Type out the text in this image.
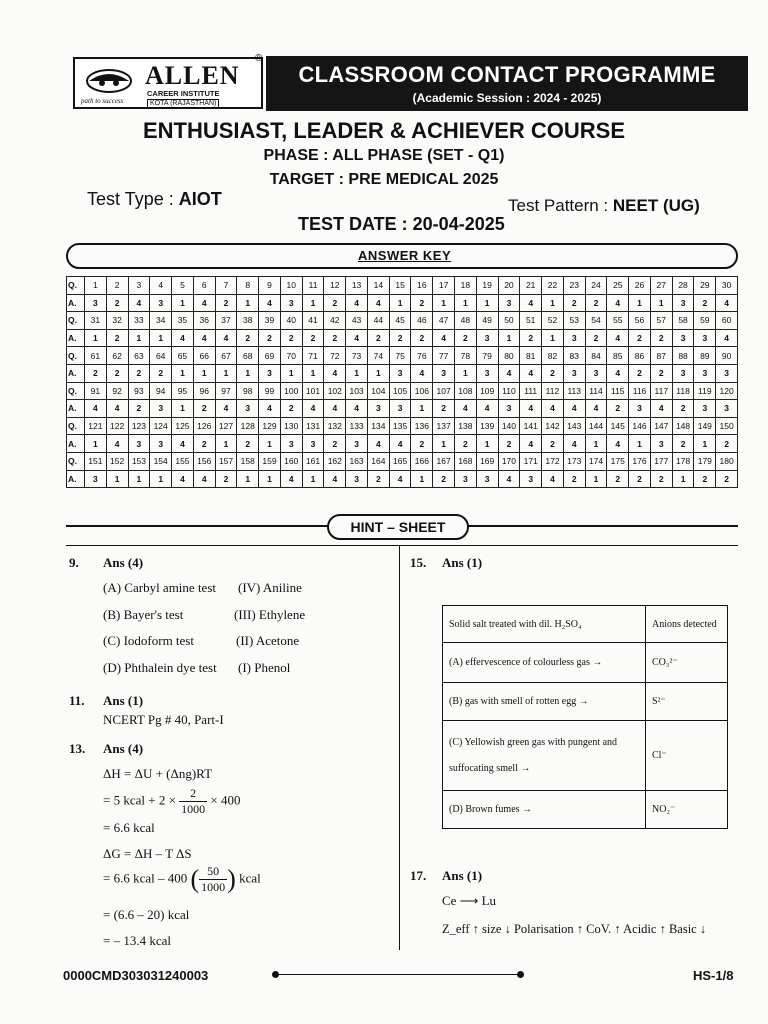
ALLEN
®
CAREER INSTITUTE
KOTA (RAJASTHAN)
path to success
CLASSROOM CONTACT PROGRAMME
(Academic Session : 2024 - 2025)
ENTHUSIAST, LEADER & ACHIEVER COURSE
PHASE : ALL PHASE (SET - Q1)
TARGET : PRE MEDICAL 2025
Test Type : AIOT	Test Pattern : NEET (UG)
TEST DATE : 20-04-2025
ANSWER KEY
Q.	1	2	3	4	5	6	7	8	9	10	11	12	13	14	15	16	17	18	19	20	21	22	23	24	25	26	27	28	29	30
A.	3	2	4	3	1	4	2	1	4	3	1	2	4	4	1	2	1	1	1	3	4	1	2	2	4	1	1	3	2	4
Q.	31	32	33	34	35	36	37	38	39	40	41	42	43	44	45	46	47	48	49	50	51	52	53	54	55	56	57	58	59	60
A.	1	2	1	1	4	4	4	2	2	2	2	2	4	2	2	2	4	2	3	1	2	1	3	2	4	2	2	3	3	4
Q.	61	62	63	64	65	66	67	68	69	70	71	72	73	74	75	76	77	78	79	80	81	82	83	84	85	86	87	88	89	90
A.	2	2	2	2	1	1	1	1	3	1	1	4	1	1	3	4	3	1	3	4	4	2	3	3	4	2	2	3	3	3
Q.	91	92	93	94	95	96	97	98	99	100	101	102	103	104	105	106	107	108	109	110	111	112	113	114	115	116	117	118	119	120
A.	4	4	2	3	1	2	4	3	4	2	4	4	4	3	3	1	2	4	4	3	4	4	4	4	2	3	4	2	3	3
Q.	121	122	123	124	125	126	127	128	129	130	131	132	133	134	135	136	137	138	139	140	141	142	143	144	145	146	147	148	149	150
A.	1	4	3	3	4	2	1	2	1	3	3	2	3	4	4	2	1	2	1	2	4	2	4	1	4	1	3	2	1	2
Q.	151	152	153	154	155	156	157	158	159	160	161	162	163	164	165	166	167	168	169	170	171	172	173	174	175	176	177	178	179	180
A.	3	1	1	1	4	4	2	1	1	4	1	4	3	2	4	1	2	3	3	4	3	4	2	1	2	2	2	1	2	2
HINT – SHEET
9. Ans (4)
(A) Carbyl amine test (IV) Aniline
(B) Bayer's test	(III) Ethylene
(C) Iodoform test	(II) Acetone
(D) Phthalein dye test (I) Phenol
11. Ans (1)
NCERT Pg # 40, Part-I
13. Ans (4)
ΔH = ΔU + (Δng)RT
= 5 kcal + $2 \times \frac{2}{1000} \times 400$
= 6.6 kcal
ΔG = ΔH – T ΔS
= 6.6 kcal – 400 ( $\frac{50}{1000}$ ) kcal
= (6.6 – 20) kcal
= – 13.4 kcal
15. Ans (1)
Solid salt treated with dil. H₂SO₄	Anions detected
(A) effervescence of colourless gas →	CO₃²⁻
(B) gas with smell of rotten egg →	S²⁻
(C) Yellowish green gas with pungent and suffocating smell →	Cl⁻
(D) Brown fumes →	NO₂⁻
17. Ans (1)
Ce ⟶ Lu
Z_eff ↑ size ↓ Polarisation ↑ CoV. ↑ Acidic ↑ Basic ↓
0000CMD303031240003	HS-1/8
